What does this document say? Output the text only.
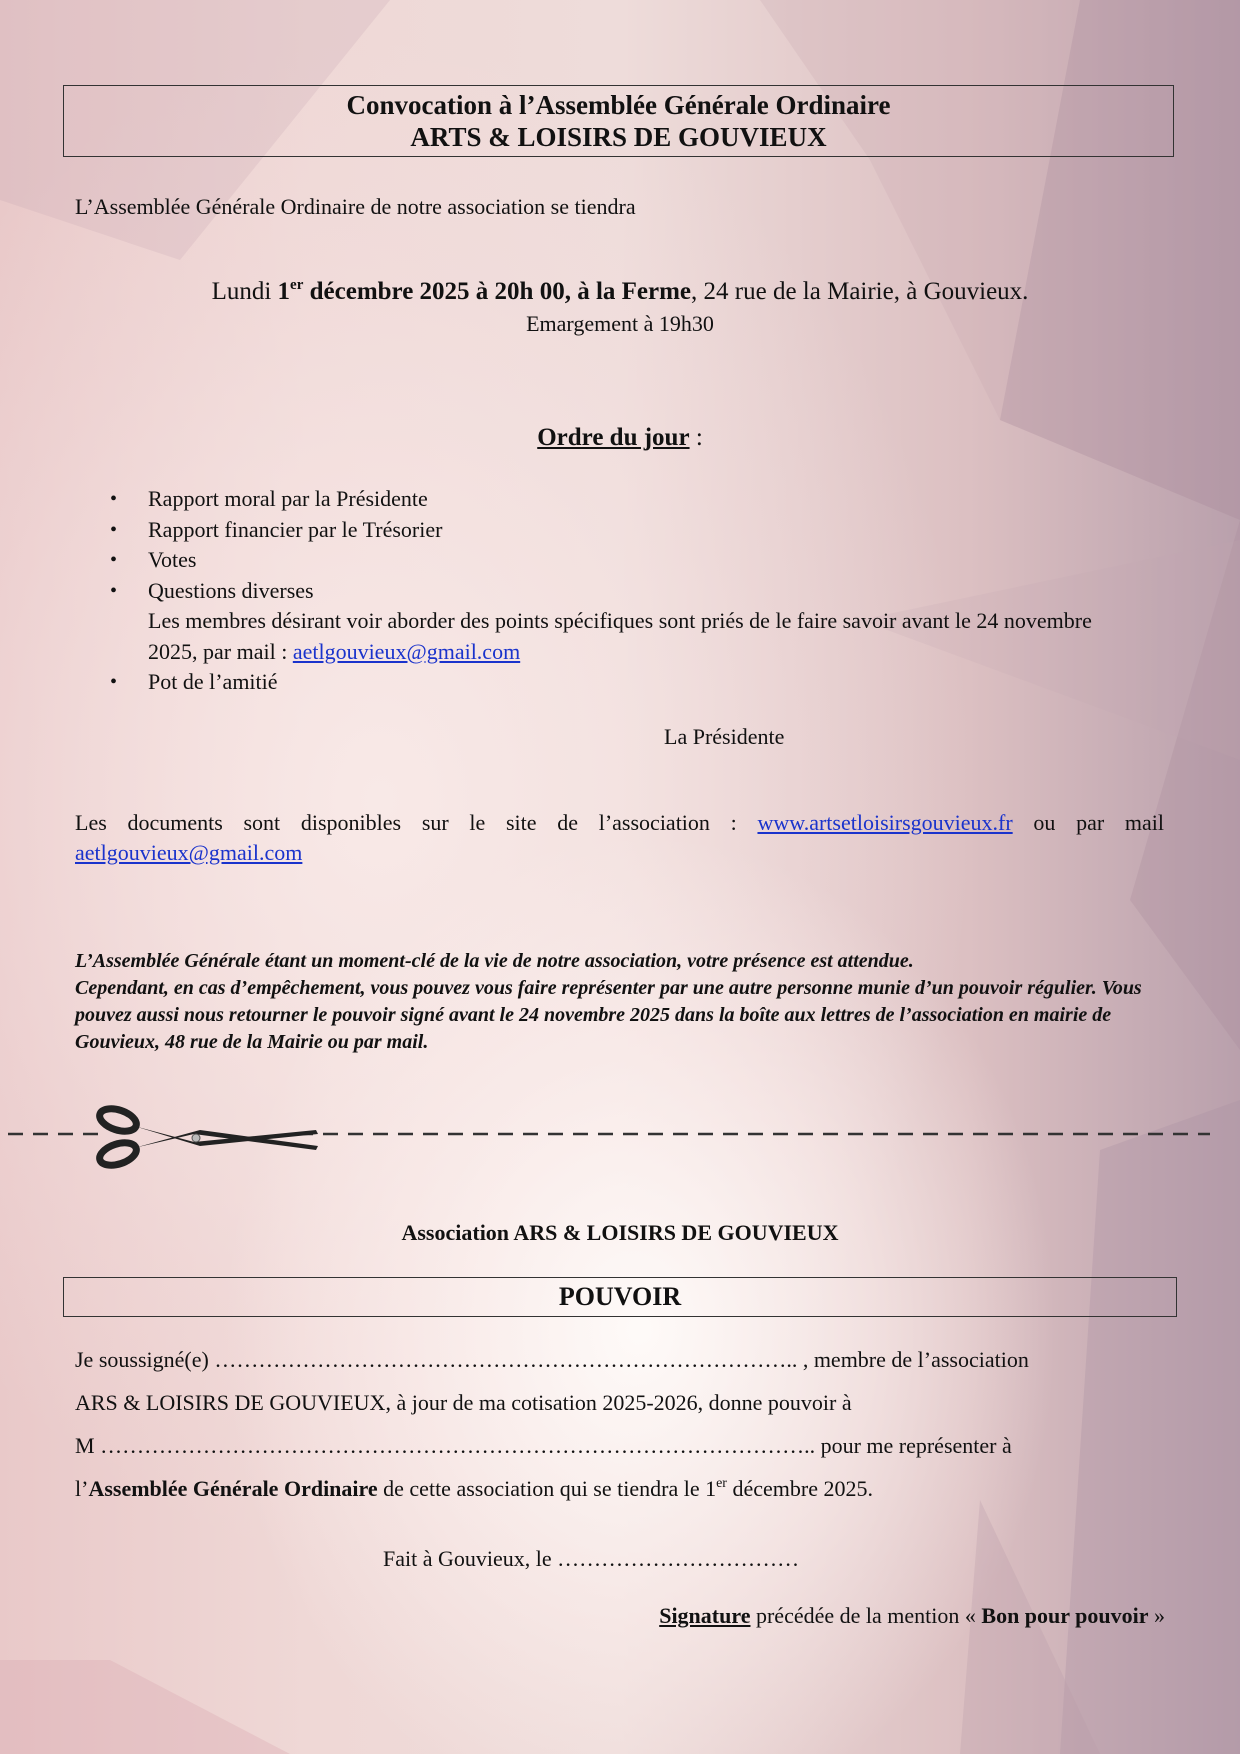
Convocation à l’Assemblée Générale Ordinaire
ARTS & LOISIRS DE GOUVIEUX
L’Assemblée Générale Ordinaire de notre association se tiendra
Lundi 1er décembre 2025 à 20h 00, à la Ferme, 24 rue de la Mairie, à Gouvieux.
Emargement à 19h30
Ordre du jour :
• Rapport moral par la Présidente
• Rapport financier par le Trésorier
• Votes
• Questions diverses
Les membres désirant voir aborder des points spécifiques sont priés de le faire savoir avant le 24 novembre 2025, par mail : aetlgouvieux@gmail.com
• Pot de l’amitié
La Présidente
Les documents sont disponibles sur le site de l’association : www.artsetloisirsgouvieux.fr ou par mail aetlgouvieux@gmail.com
L’Assemblée Générale étant un moment-clé de la vie de notre association, votre présence est attendue.
Cependant, en cas d’empêchement, vous pouvez vous faire représenter par une autre personne munie d’un pouvoir régulier. Vous pouvez aussi nous retourner le pouvoir signé avant le 24 novembre 2025 dans la boîte aux lettres de l’association en mairie de Gouvieux, 48 rue de la Mairie ou par mail.
Association ARS & LOISIRS DE GOUVIEUX
POUVOIR
Je soussigné(e) …………………………………………………………………….. , membre de l’association
ARS & LOISIRS DE GOUVIEUX, à jour de ma cotisation 2025-2026, donne pouvoir à
M …………………………………………………………………………………….. pour me représenter à
l’Assemblée Générale Ordinaire de cette association qui se tiendra le 1er décembre 2025.
Fait à Gouvieux, le ……………………………
Signature précédée de la mention « Bon pour pouvoir »
